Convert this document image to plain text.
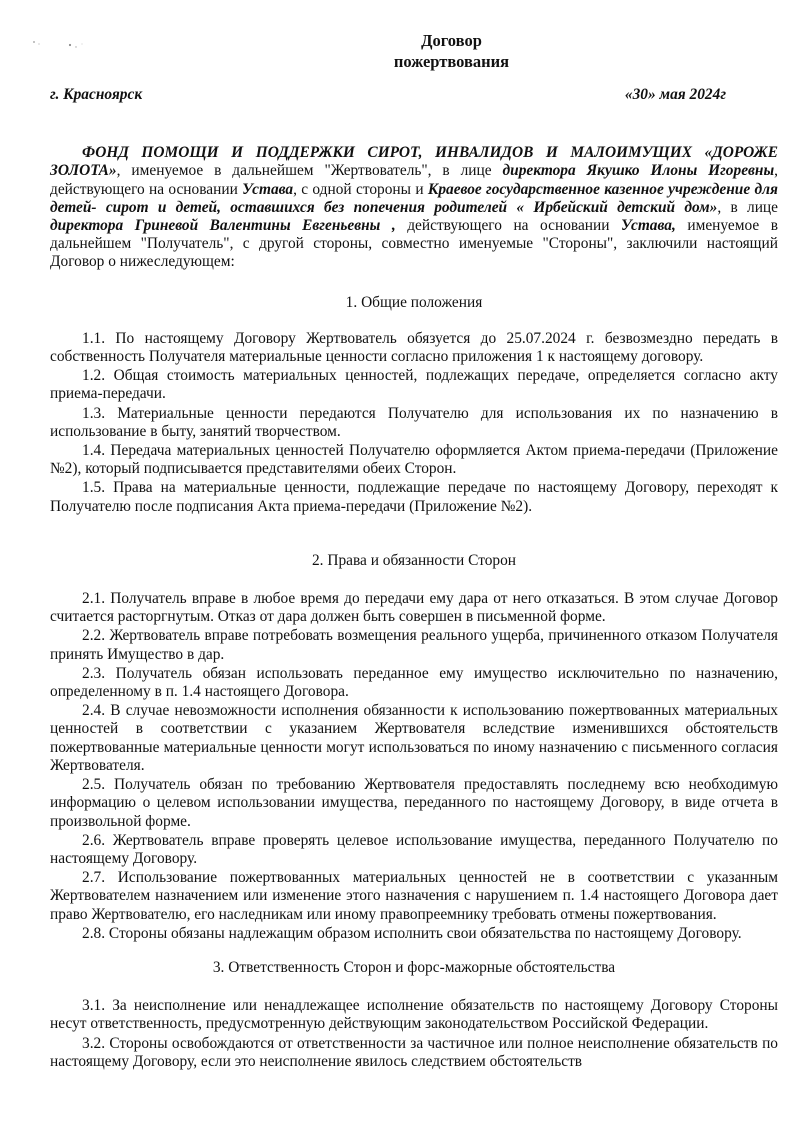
Договор
пожертвования
г. Красноярск	«30» мая 2024г
ФОНД ПОМОЩИ И ПОДДЕРЖКИ СИРОТ, ИНВАЛИДОВ И МАЛОИМУЩИХ «ДОРОЖЕ ЗОЛОТА», именуемое в дальнейшем "Жертвователь", в лице директора Якушко Илоны Игоревны, действующего на основании Устава, с одной стороны и Краевое государственное казенное учреждение для детей- сирот и детей, оставшихся без попечения родителей « Ирбейский детский дом», в лице директора Гриневой Валентины Евгеньевны , действующего на основании Устава, именуемое в дальнейшем "Получатель", с другой стороны, совместно именуемые "Стороны", заключили настоящий Договор о нижеследующем:
1. Общие положения

1.1. По настоящему Договору Жертвователь обязуется до 25.07.2024 г. безвозмездно передать в собственность Получателя материальные ценности согласно приложения 1 к настоящему договору.

1.2. Общая стоимость материальных ценностей, подлежащих передаче, определяется согласно акту приема-передачи.

1.3. Материальные ценности передаются Получателю для использования их по назначению в использование в быту, занятий творчеством.

1.4. Передача материальных ценностей Получателю оформляется Актом приема-передачи (Приложение №2), который подписывается представителями обеих Сторон.

1.5. Права на материальные ценности, подлежащие передаче по настоящему Договору, переходят к Получателю после подписания Акта приема-передачи (Приложение №2).

2. Права и обязанности Сторон

2.1. Получатель вправе в любое время до передачи ему дара от него отказаться. В этом случае Договор считается расторгнутым. Отказ от дара должен быть совершен в письменной форме.

2.2. Жертвователь вправе потребовать возмещения реального ущерба, причиненного отказом Получателя принять Имущество в дар.

2.3. Получатель обязан использовать переданное ему имущество исключительно по назначению, определенному в п. 1.4 настоящего Договора.

2.4. В случае невозможности исполнения обязанности к использованию пожертвованных материальных ценностей в соответствии с указанием Жертвователя вследствие изменившихся обстоятельств пожертвованные материальные ценности могут использоваться по иному назначению с письменного согласия Жертвователя.

2.5. Получатель обязан по требованию Жертвователя предоставлять последнему всю необходимую информацию о целевом использовании имущества, переданного по настоящему Договору, в виде отчета в произвольной форме.

2.6. Жертвователь вправе проверять целевое использование имущества, переданного Получателю по настоящему Договору.

2.7. Использование пожертвованных материальных ценностей не в соответствии с указанным Жертвователем назначением или изменение этого назначения с нарушением п. 1.4 настоящего Договора дает право Жертвователю, его наследникам или иному правопреемнику требовать отмены пожертвования.

2.8. Стороны обязаны надлежащим образом исполнить свои обязательства по настоящему Договору.

3. Ответственность Сторон и форс-мажорные обстоятельства

3.1. За неисполнение или ненадлежащее исполнение обязательств по настоящему Договору Стороны несут ответственность, предусмотренную действующим законодательством Российской Федерации.

3.2. Стороны освобождаются от ответственности за частичное или полное неисполнение обязательств по настоящему Договору, если это неисполнение явилось следствием обстоятельств
